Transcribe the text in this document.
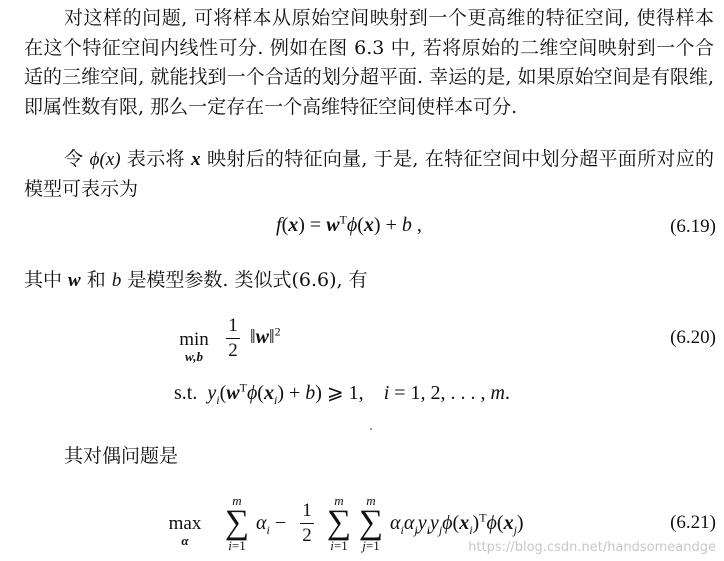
对这样的问题, 可将样本从原始空间映射到一个更高维的特征空间, 使得样本在这个特征空间内线性可分. 例如在图 6.3 中, 若将原始的二维空间映射到一个合适的三维空间, 就能找到一个合适的划分超平面. 幸运的是, 如果原始空间是有限维, 即属性数有限, 那么一定存在一个高维特征空间使样本可分.

令 ϕ(x) 表示将 x 映射后的特征向量, 于是, 在特征空间中划分超平面所对应的模型可表示为

$f(x) = w^T\phi(x) + b$ ,	(6.19)

其中 w 和 b 是模型参数. 类似式(6.6), 有

min
w,b
1
2
‖w‖$^2$	(6.20)
s.t. $y_i(w^T\phi(x_i) + b)$ ⩾ 1,    i = 1, 2, . . . , m.

其对偶问题是

max
α
m
∑
i=1
$\alpha_i$ −
1
2
m
∑
i=1
m
∑
j=1
$\alpha_i\alpha_jy_iy_j\phi(x_i)^T\phi(x_j)$	(6.21)
https://blog.csdn.net/handsomeandge
